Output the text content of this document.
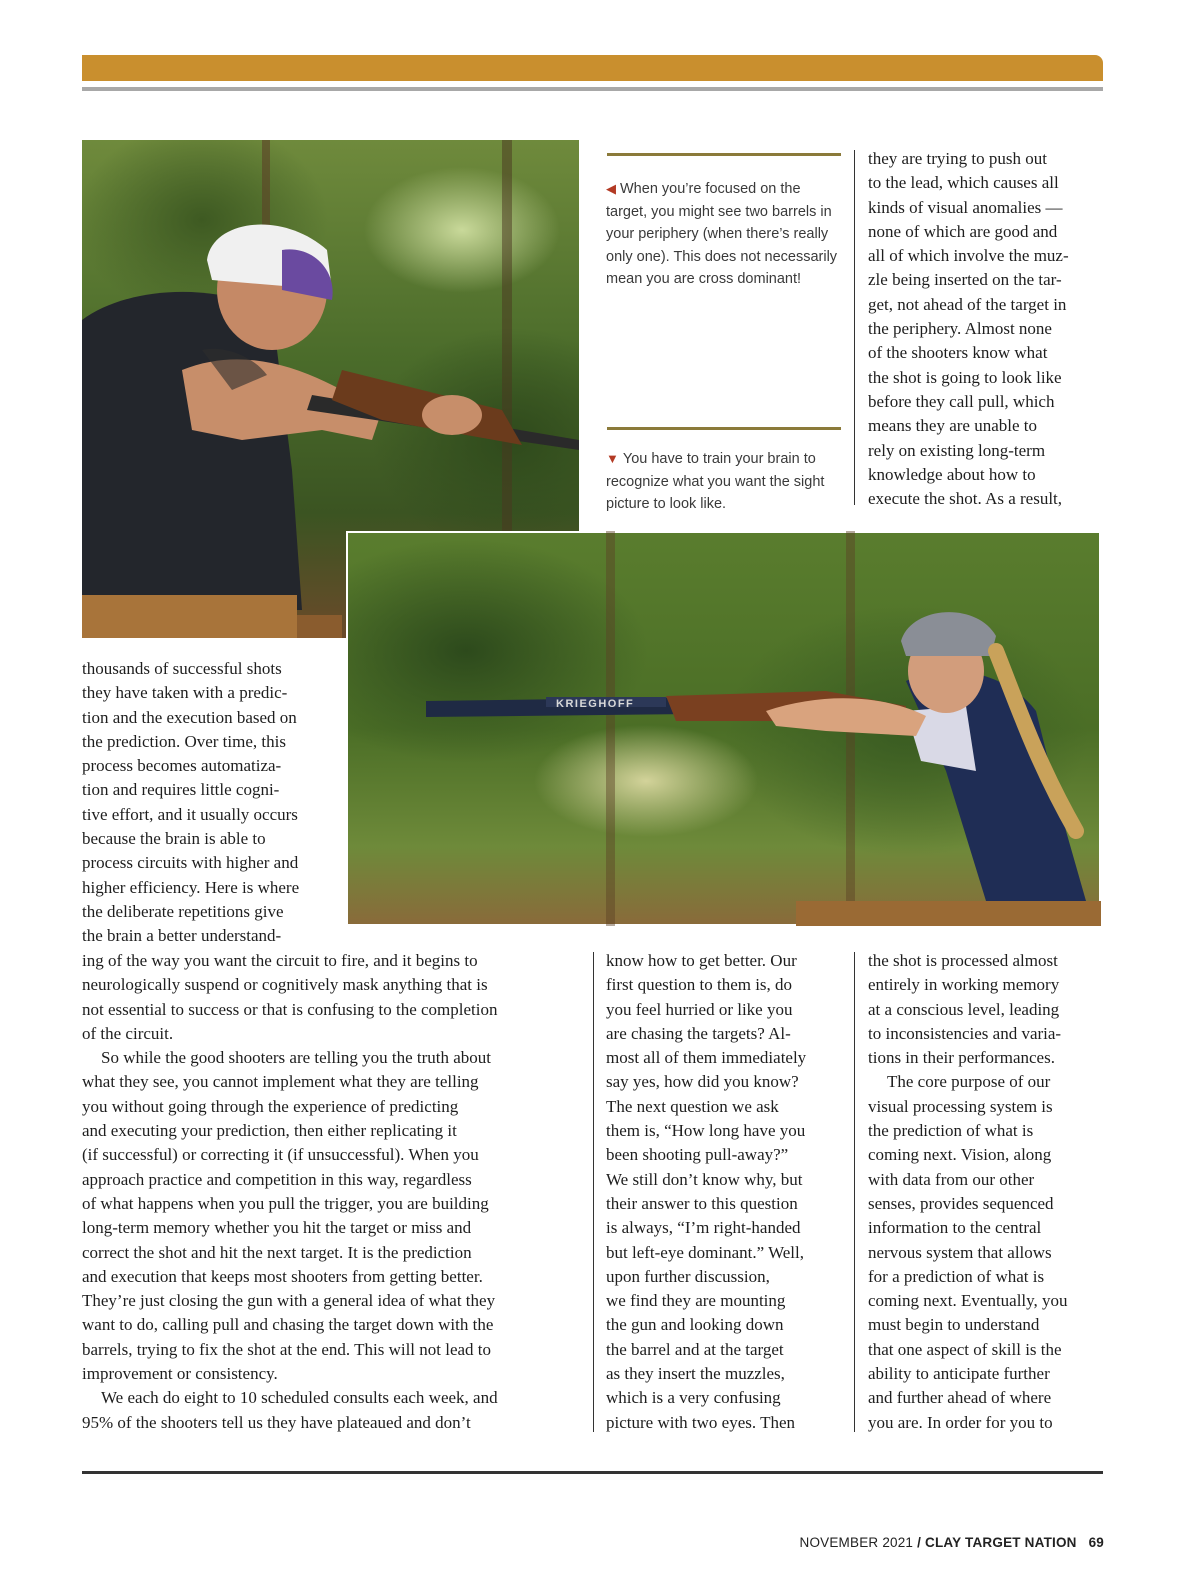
◀ When you’re focused on the target, you might see two barrels in your periphery (when there’s really only one). This does not necessarily mean you are cross dominant!
▼ You have to train your brain to recognize what you want the sight picture to look like.
they are trying to push out
to the lead, which causes all
kinds of visual anomalies —
none of which are good and
all of which involve the muz-
zle being inserted on the tar-
get, not ahead of the target in
the periphery. Almost none
of the shooters know what
the shot is going to look like
before they call pull, which
means they are unable to
rely on existing long-term
knowledge about how to
execute the shot. As a result,
KRIEGHOFF
thousands of successful shots
they have taken with a predic-
tion and the execution based on
the prediction. Over time, this
process becomes automatiza-
tion and requires little cogni-
tive effort, and it usually occurs
because the brain is able to
process circuits with higher and
higher efficiency. Here is where
the deliberate repetitions give
the brain a better understand-
ing of the way you want the circuit to fire, and it begins to
neurologically suspend or cognitively mask anything that is
not essential to success or that is confusing to the completion
of the circuit.
So while the good shooters are telling you the truth about
what they see, you cannot implement what they are telling
you without going through the experience of predicting
and executing your prediction, then either replicating it
(if successful) or correcting it (if unsuccessful). When you
approach practice and competition in this way, regardless
of what happens when you pull the trigger, you are building
long-term memory whether you hit the target or miss and
correct the shot and hit the next target. It is the prediction
and execution that keeps most shooters from getting better.
They’re just closing the gun with a general idea of what they
want to do, calling pull and chasing the target down with the
barrels, trying to fix the shot at the end. This will not lead to
improvement or consistency.
We each do eight to 10 scheduled consults each week, and
95% of the shooters tell us they have plateaued and don’t
know how to get better. Our
first question to them is, do
you feel hurried or like you
are chasing the targets? Al-
most all of them immediately
say yes, how did you know?
The next question we ask
them is, “How long have you
been shooting pull-away?”
We still don’t know why, but
their answer to this question
is always, “I’m right-handed
but left-eye dominant.” Well,
upon further discussion,
we find they are mounting
the gun and looking down
the barrel and at the target
as they insert the muzzles,
which is a very confusing
picture with two eyes. Then
the shot is processed almost
entirely in working memory
at a conscious level, leading
to inconsistencies and varia-
tions in their performances.
The core purpose of our
visual processing system is
the prediction of what is
coming next. Vision, along
with data from our other
senses, provides sequenced
information to the central
nervous system that allows
for a prediction of what is
coming next. Eventually, you
must begin to understand
that one aspect of skill is the
ability to anticipate further
and further ahead of where
you are. In order for you to
NOVEMBER 2021 / CLAY TARGET NATION 69
